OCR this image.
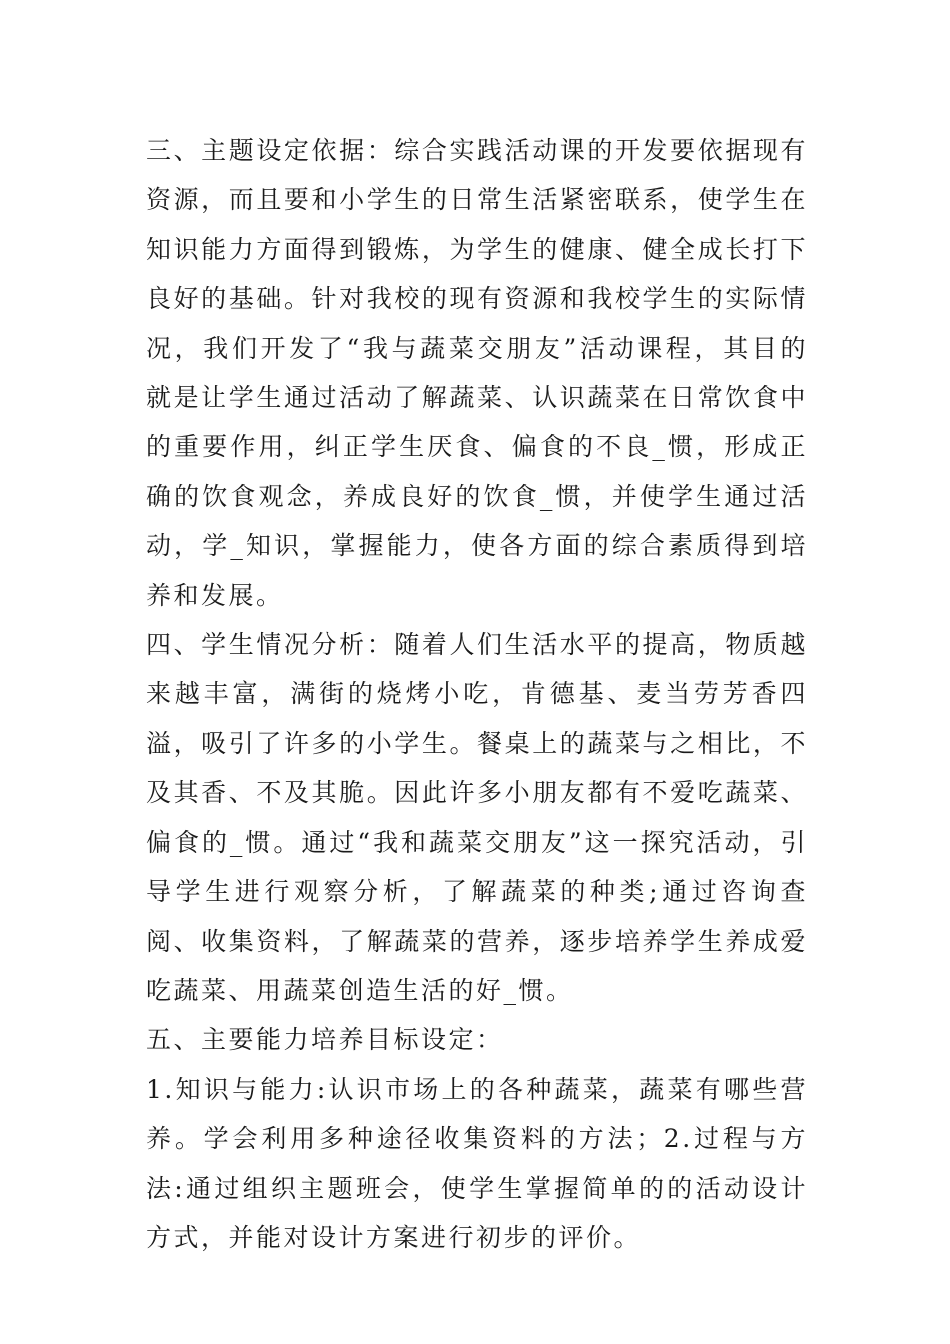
三、主题设定依据：综合实践活动课的开发要依据现有资源，而且要和小学生的日常生活紧密联系，使学生在知识能力方面得到锻炼，为学生的健康、健全成长打下良好的基础。针对我校的现有资源和我校学生的实际情况，我们开发了“我与蔬菜交朋友”活动课程，其目的就是让学生通过活动了解蔬菜、认识蔬菜在日常饮食中的重要作用，纠正学生厌食、偏食的不良_惯，形成正确的饮食观念，养成良好的饮食_惯，并使学生通过活动，学_知识，掌握能力，使各方面的综合素质得到培养和发展。

四、学生情况分析：随着人们生活水平的提高，物质越来越丰富，满街的烧烤小吃，肯德基、麦当劳芳香四溢，吸引了许多的小学生。餐桌上的蔬菜与之相比，不及其香、不及其脆。因此许多小朋友都有不爱吃蔬菜、偏食的_惯。通过“我和蔬菜交朋友”这一探究活动，引导学生进行观察分析，了解蔬菜的种类;通过咨询查阅、收集资料，了解蔬菜的营养，逐步培养学生养成爱吃蔬菜、用蔬菜创造生活的好_惯。

五、主要能力培养目标设定：

1.知识与能力:认识市场上的各种蔬菜，蔬菜有哪些营养。学会利用多种途径收集资料的方法；2.过程与方法:通过组织主题班会，使学生掌握简单的的活动设计方式，并能对设计方案进行初步的评价。
